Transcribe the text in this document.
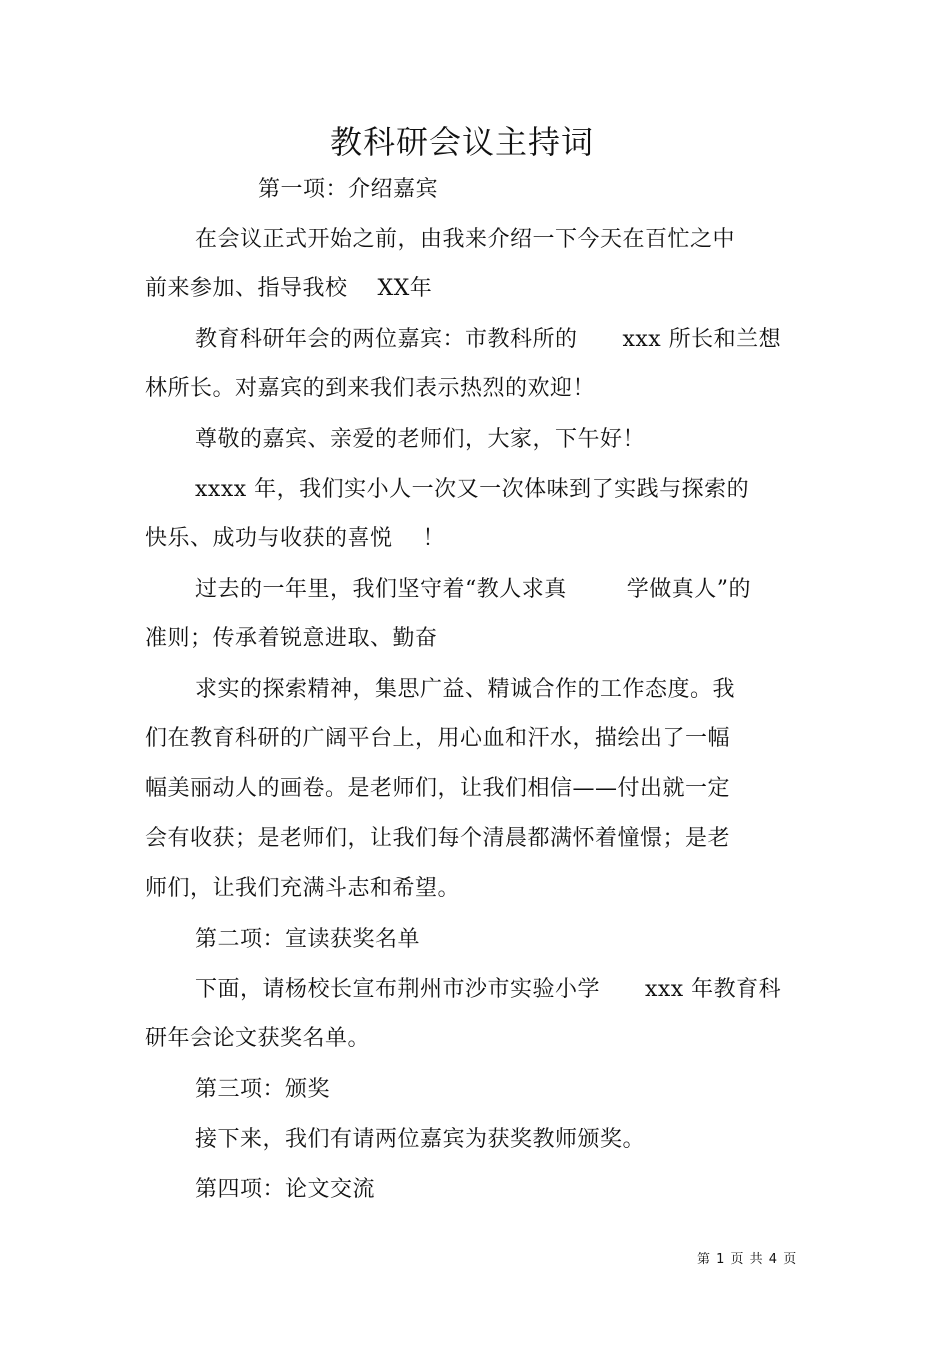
教科研会议主持词
第一项：介绍嘉宾
在会议正式开始之前，由我来介绍一下今天在百忙之中
前来参加、指导我校    XX年
教育科研年会的两位嘉宾：市教科所的      xxx 所长和兰想
林所长。对嘉宾的到来我们表示热烈的欢迎！
尊敬的嘉宾、亲爱的老师们，大家，下午好！
xxxx 年，我们实小人一次又一次体味到了实践与探索的
快乐、成功与收获的喜悦    ！
过去的一年里，我们坚守着“教人求真        学做真人”的
准则；传承着锐意进取、勤奋
求实的探索精神，集思广益、精诚合作的工作态度。我
们在教育科研的广阔平台上，用心血和汗水，描绘出了一幅
幅美丽动人的画卷。是老师们，让我们相信——付出就一定
会有收获；是老师们，让我们每个清晨都满怀着憧憬；是老
师们，让我们充满斗志和希望。
第二项：宣读获奖名单
下面，请杨校长宣布荆州市沙市实验小学      xxx 年教育科
研年会论文获奖名单。
第三项：颁奖
接下来，我们有请两位嘉宾为获奖教师颁奖。
第四项：论文交流
第 1 页 共 4 页
